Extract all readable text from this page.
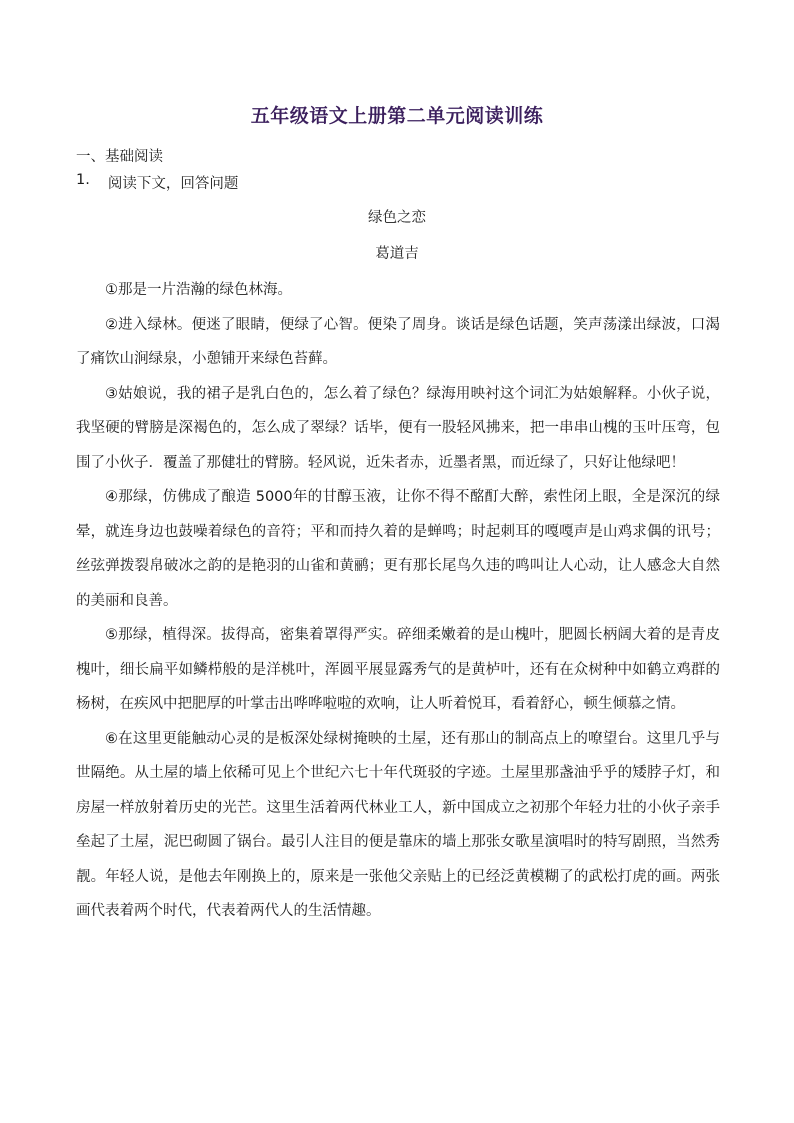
五年级语文上册第二单元阅读训练
一、基础阅读
1. 阅读下文，回答问题
绿色之恋
葛道吉

①那是一片浩瀚的绿色林海。

②进入绿林。便迷了眼睛，便绿了心智。便染了周身。谈话是绿色话题，笑声荡漾出绿波，口渴了痛饮山涧绿泉，小憩铺开来绿色苔藓。

③姑娘说，我的裙子是乳白色的，怎么着了绿色？绿海用映衬这个词汇为姑娘解释。小伙子说，我坚硬的臂膀是深褐色的，怎么成了翠绿？话毕，便有一股轻风拂来，把一串串山槐的玉叶压弯，包围了小伙子．覆盖了那健壮的臂膀。轻风说，近朱者赤，近墨者黑，而近绿了，只好让他绿吧！

④那绿，仿佛成了酿造 5000年的甘醇玉液，让你不得不酩酊大醉，索性闭上眼，全是深沉的绿晕，就连身边也鼓噪着绿色的音符；平和而持久着的是蝉鸣；时起刺耳的嘎嘎声是山鸡求偶的讯号；丝弦弹拨裂帛破冰之韵的是艳羽的山雀和黄鹂；更有那长尾鸟久违的鸣叫让人心动，让人感念大自然的美丽和良善。

⑤那绿，植得深。拔得高，密集着罩得严实。碎细柔嫩着的是山槐叶，肥圆长柄阔大着的是青皮槐叶，细长扁平如鳞栉般的是洋桃叶，浑圆平展显露秀气的是黄栌叶，还有在众树种中如鹤立鸡群的杨树，在疾风中把肥厚的叶掌击出哗哗啦啦的欢响，让人听着悦耳，看着舒心，顿生倾慕之情。

⑥在这里更能触动心灵的是板深处绿树掩映的土屋，还有那山的制高点上的嘹望台。这里几乎与世隔绝。从土屋的墙上依稀可见上个世纪六七十年代斑驳的字迹。土屋里那盏油乎乎的矮脖子灯，和房屋一样放射着历史的光芒。这里生活着两代林业工人，新中国成立之初那个年轻力壮的小伙子亲手垒起了土屋，泥巴砌圆了锅台。最引人注目的便是靠床的墙上那张女歌星演唱时的特写剧照，当然秀靓。年轻人说，是他去年刚换上的，原来是一张他父亲贴上的已经泛黄模糊了的武松打虎的画。两张画代表着两个时代，代表着两代人的生活情趣。
